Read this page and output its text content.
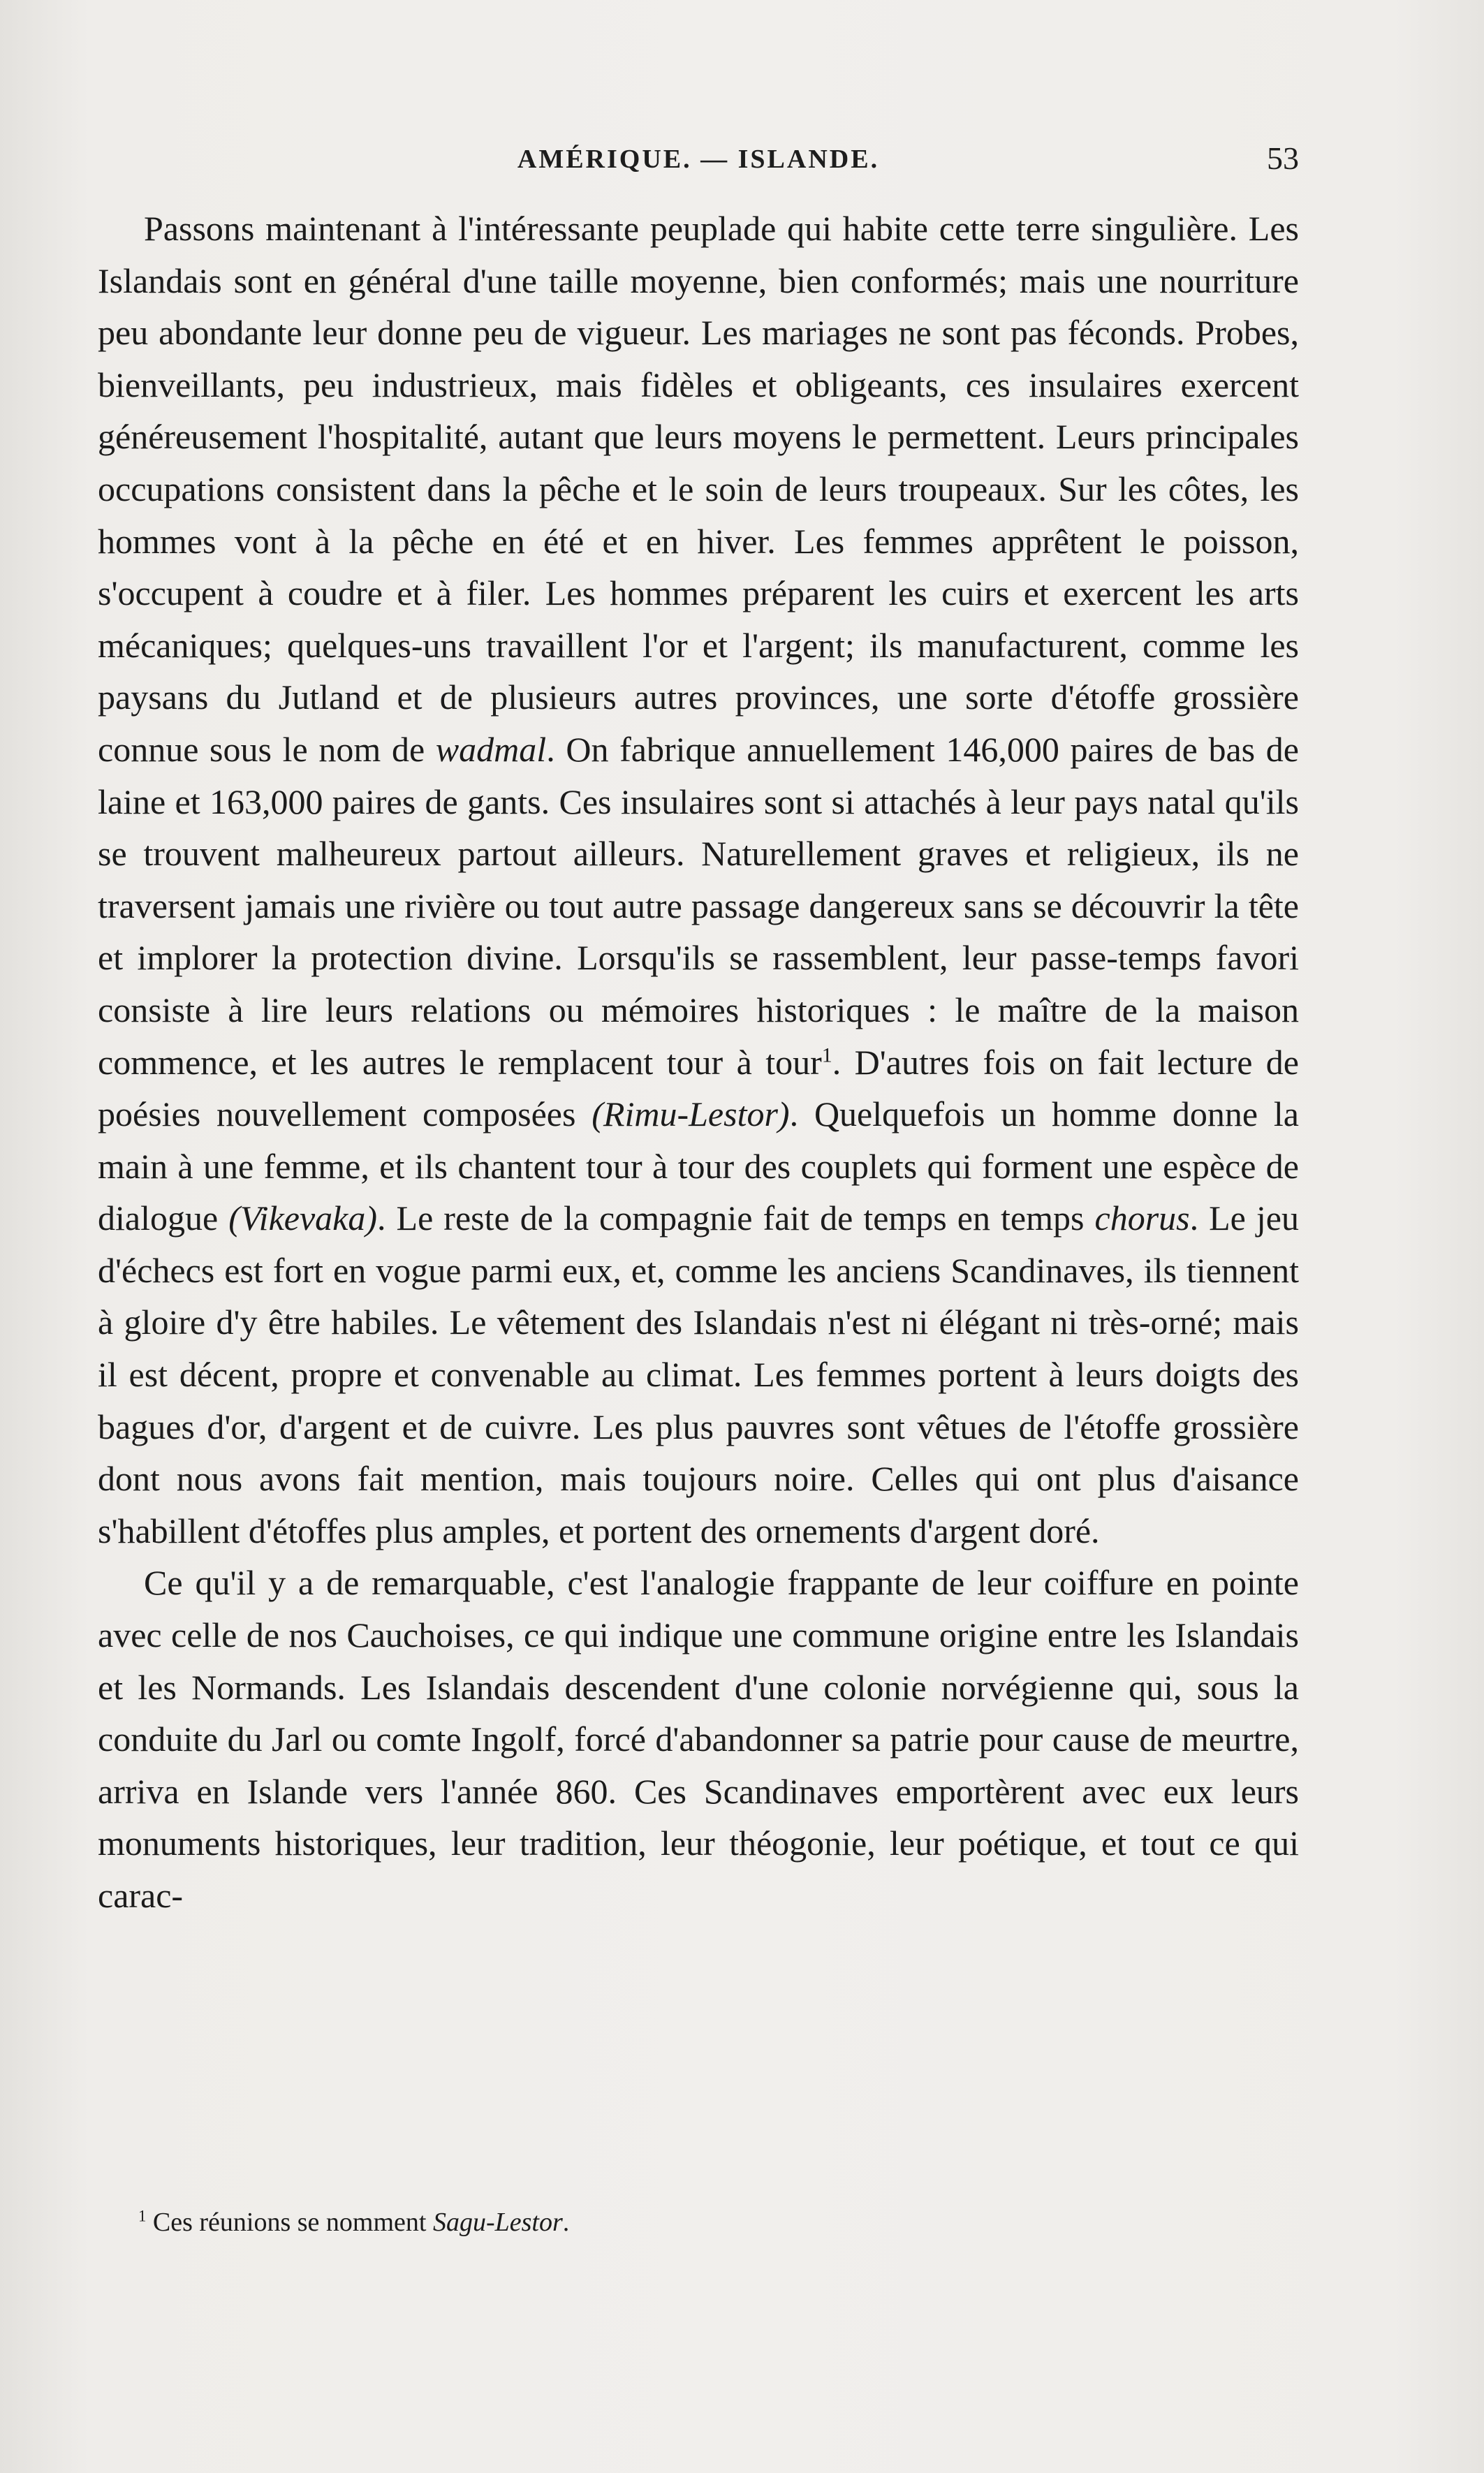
AMÉRIQUE. — ISLANDE.	53

Passons maintenant à l'intéressante peuplade qui habite cette terre singulière. Les Islandais sont en général d'une taille moyenne, bien conformés; mais une nourriture peu abondante leur donne peu de vigueur. Les mariages ne sont pas féconds. Probes, bienveillants, peu industrieux, mais fidèles et obligeants, ces insulaires exercent généreusement l'hospitalité, autant que leurs moyens le permettent. Leurs principales occupations consistent dans la pêche et le soin de leurs troupeaux. Sur les côtes, les hommes vont à la pêche en été et en hiver. Les femmes apprêtent le poisson, s'occupent à coudre et à filer. Les hommes préparent les cuirs et exercent les arts mécaniques; quelques-uns travaillent l'or et l'argent; ils manufacturent, comme les paysans du Jutland et de plusieurs autres provinces, une sorte d'étoffe grossière connue sous le nom de wadmal. On fabrique annuellement 146,000 paires de bas de laine et 163,000 paires de gants. Ces insulaires sont si attachés à leur pays natal qu'ils se trouvent malheureux partout ailleurs. Naturellement graves et religieux, ils ne traversent jamais une rivière ou tout autre passage dangereux sans se découvrir la tête et implorer la protection divine. Lorsqu'ils se rassemblent, leur passe-temps favori consiste à lire leurs relations ou mémoires historiques : le maître de la maison commence, et les autres le remplacent tour à tour$^1$. D'autres fois on fait lecture de poésies nouvellement composées (Rimu-Lestor). Quelquefois un homme donne la main à une femme, et ils chantent tour à tour des couplets qui forment une espèce de dialogue (Vikevaka). Le reste de la compagnie fait de temps en temps chorus. Le jeu d'échecs est fort en vogue parmi eux, et, comme les anciens Scandinaves, ils tiennent à gloire d'y être habiles. Le vêtement des Islandais n'est ni élégant ni très-orné; mais il est décent, propre et convenable au climat. Les femmes portent à leurs doigts des bagues d'or, d'argent et de cuivre. Les plus pauvres sont vêtues de l'étoffe grossière dont nous avons fait mention, mais toujours noire. Celles qui ont plus d'aisance s'habillent d'étoffes plus amples, et portent des ornements d'argent doré.

Ce qu'il y a de remarquable, c'est l'analogie frappante de leur coiffure en pointe avec celle de nos Cauchoises, ce qui indique une commune origine entre les Islandais et les Normands. Les Islandais descendent d'une colonie norvégienne qui, sous la conduite du Jarl ou comte Ingolf, forcé d'abandonner sa patrie pour cause de meurtre, arriva en Islande vers l'année 860. Ces Scandinaves emportèrent avec eux leurs monuments historiques, leur tradition, leur théogonie, leur poétique, et tout ce qui carac-

$^1$ Ces réunions se nomment Sagu-Lestor.
